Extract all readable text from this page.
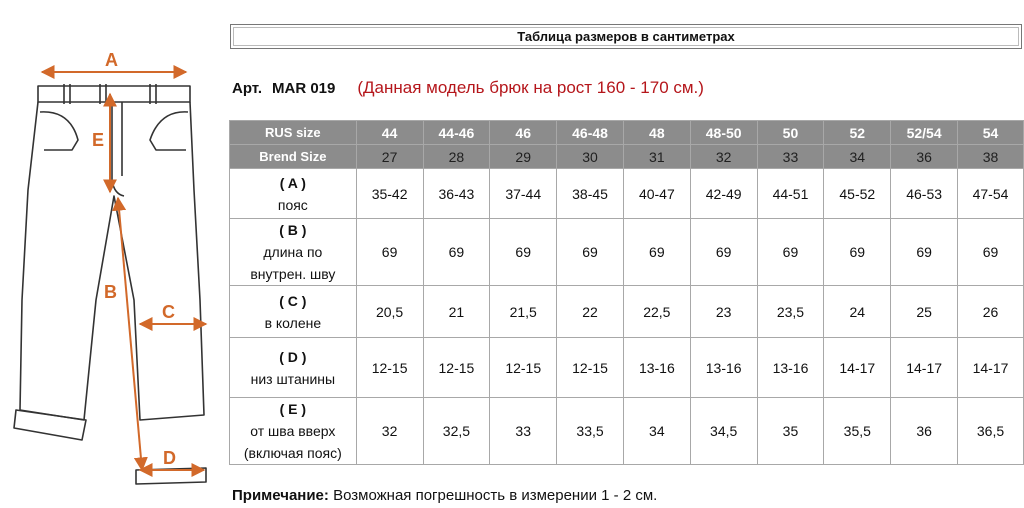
A
E
B
C
D
Таблица размеров в сантиметрах
Арт. MAR 019 (Данная модель брюк на рост 160 - 170 см.)
RUS size	44	44-46	46	46-48	48	48-50	50	52	52/54	54
Brend Size	27	28	29	30	31	32	33	34	36	38

( A )
пояс	35-42	36-43	37-44	38-45	40-47	42-49	44-51	45-52	46-53	47-54

( B )
длина по
внутрен. шву	69	69	69	69	69	69	69	69	69	69

( C )
в колене	20,5	21	21,5	22	22,5	23	23,5	24	25	26

( D )
низ штанины	12-15	12-15	12-15	12-15	13-16	13-16	13-16	14-17	14-17	14-17

( E )
от шва вверх
(включая пояс)	32	32,5	33	33,5	34	34,5	35	35,5	36	36,5
Примечание: Возможная погрешность в измерении 1 - 2 см.
